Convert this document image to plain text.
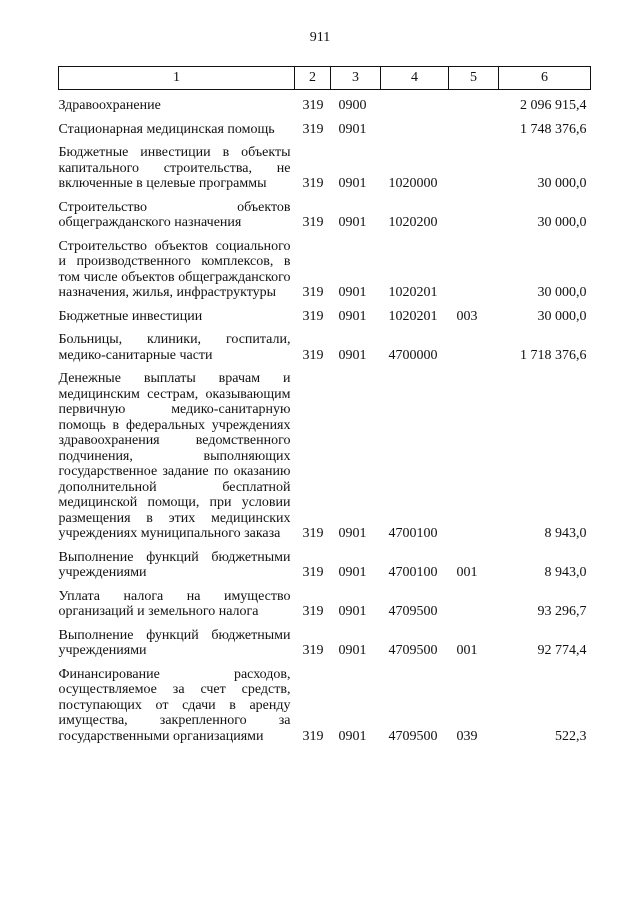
911
1	2	3	4	5	6
Здравоохранение	319	0900			2 096 915,4
Стационарная медицинская помощь	319	0901			1 748 376,6
Бюджетные инвестиции в объекты капитального строительства, не включенные в целевые программы	319	0901	1020000		30 000,0
Строительство объектов общегражданского назначения	319	0901	1020200		30 000,0
Строительство объектов социального и производственного комплексов, в том числе объектов общегражданского назначения, жилья, инфраструктуры	319	0901	1020201		30 000,0
Бюджетные инвестиции	319	0901	1020201	003	30 000,0
Больницы, клиники, госпитали, медико-санитарные части	319	0901	4700000		1 718 376,6
Денежные выплаты врачам и медицинским сестрам, оказывающим первичную медико-санитарную помощь в федеральных учреждениях здравоохранения ведомственного подчинения, выполняющих государственное задание по оказанию дополнительной бесплатной медицинской помощи, при условии размещения в этих медицинских учреждениях муниципального заказа	319	0901	4700100		8 943,0
Выполнение функций бюджетными учреждениями	319	0901	4700100	001	8 943,0
Уплата налога на имущество организаций и земельного налога	319	0901	4709500		93 296,7
Выполнение функций бюджетными учреждениями	319	0901	4709500	001	92 774,4
Финансирование расходов, осуществляемое за счет средств, поступающих от сдачи в аренду имущества, закрепленного за государственными организациями	319	0901	4709500	039	522,3
